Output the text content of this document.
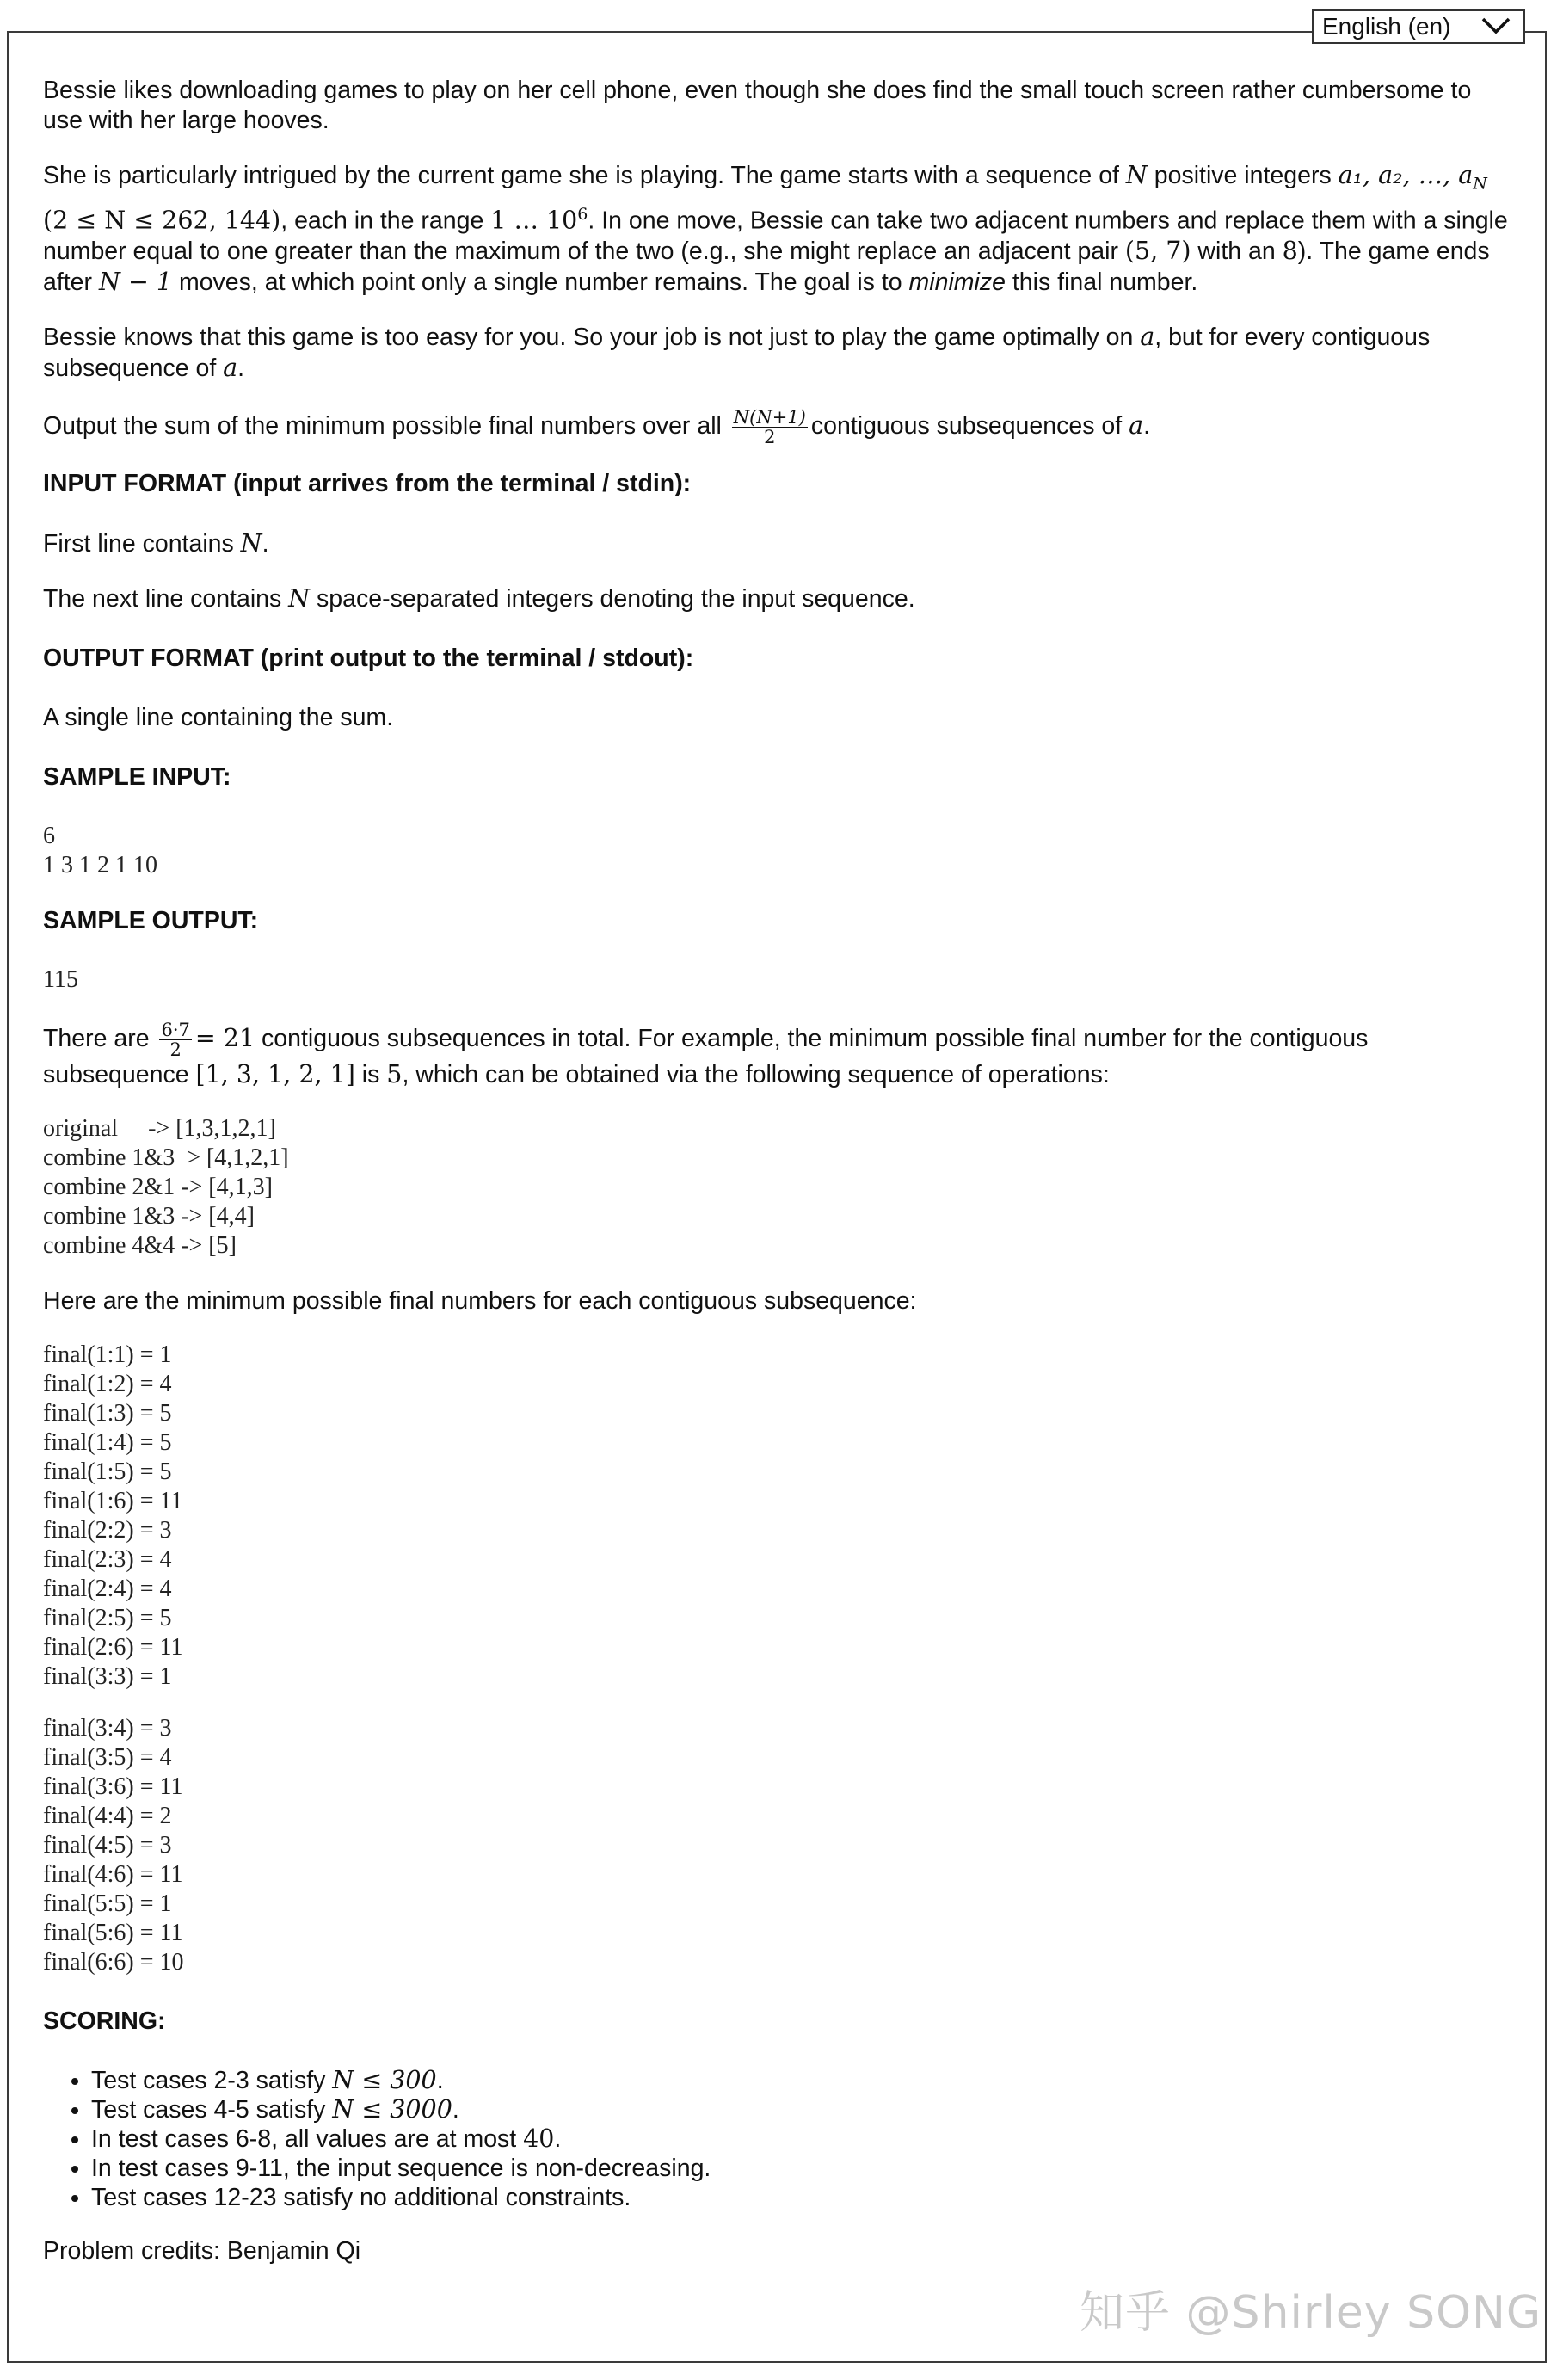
English (en)

Bessie likes downloading games to play on her cell phone, even though she does find the small touch screen rather cumbersome to use with her large hooves.

She is particularly intrigued by the current game she is playing. The game starts with a sequence of N positive integers a₁, a₂, …, $a_N$ (2 ≤ N ≤ 262, 144), each in the range 1 … $10^6$. In one move, Bessie can take two adjacent numbers and replace them with a single number equal to one greater than the maximum of the two (e.g., she might replace an adjacent pair (5, 7) with an 8). The game ends after N − 1 moves, at which point only a single number remains. The goal is to minimize this final number.

Bessie knows that this game is too easy for you. So your job is not just to play the game optimally on a, but for every contiguous subsequence of a.

Output the sum of the minimum possible final numbers over all $\frac{N(N+1)}{2}$ contiguous subsequences of a.

INPUT FORMAT (input arrives from the terminal / stdin):

First line contains N.

The next line contains N space-separated integers denoting the input sequence.

OUTPUT FORMAT (print output to the terminal / stdout):

A single line containing the sum.

SAMPLE INPUT:
6
1 3 1 2 1 10
SAMPLE OUTPUT:
115

There are $\frac{6\cdot 7}{2} = 21$ contiguous subsequences in total. For example, the minimum possible final number for the contiguous subsequence [1, 3, 1, 2, 1] is 5, which can be obtained via the following sequence of operations:

original     -> [1,3,1,2,1]
combine 1&3  > [4,1,2,1]
combine 2&1 -> [4,1,3]
combine 1&3 -> [4,4]
combine 4&4 -> [5]

Here are the minimum possible final numbers for each contiguous subsequence:

final(1:1) = 1
final(1:2) = 4
final(1:3) = 5
final(1:4) = 5
final(1:5) = 5
final(1:6) = 11
final(2:2) = 3
final(2:3) = 4
final(2:4) = 4
final(2:5) = 5
final(2:6) = 11
final(3:3) = 1
final(3:4) = 3
final(3:5) = 4
final(3:6) = 11
final(4:4) = 2
final(4:5) = 3
final(4:6) = 11
final(5:5) = 1
final(5:6) = 11
final(6:6) = 10
SCORING:
• Test cases 2-3 satisfy N ≤ 300.
• Test cases 4-5 satisfy N ≤ 3000.
• In test cases 6-8, all values are at most 40.
• In test cases 9-11, the input sequence is non-decreasing.
• Test cases 12-23 satisfy no additional constraints.

Problem credits: Benjamin Qi

知乎 @Shirley SONG
